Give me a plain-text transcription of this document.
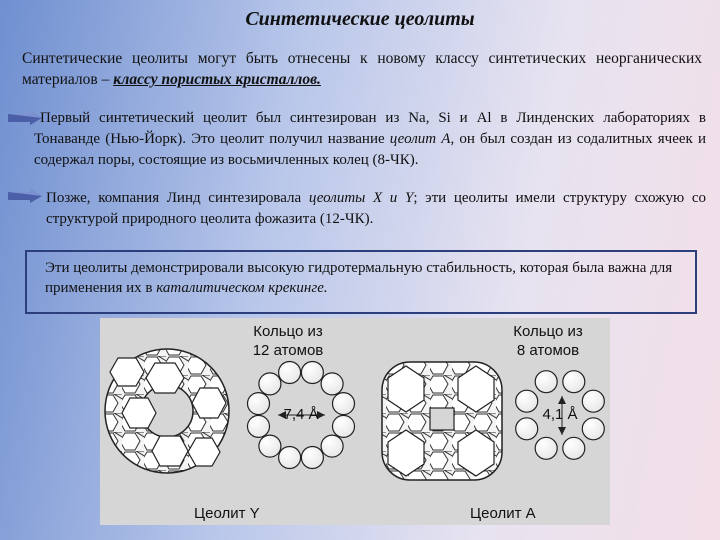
Синтетические цеолиты
Синтетические цеолиты могут быть отнесены к новому классу синтетических неорганических материалов – классу пористых кристаллов.
Первый синтетический цеолит был синтезирован из Na, Si и Al в Линденских лабораториях в Тонаванде (Нью-Йорк). Это цеолит получил название цеолит А, он был создан из содалитных ячеек и содержал поры, состоящие из восьмичленных колец (8-ЧК).
Позже, компания Линд синтезировала цеолиты X и Y; эти цеолиты имели структуру схожую со структурой природного цеолита фожазита (12-ЧК).
Эти цеолиты демонстрировали высокую гидротермальную стабильность, которая была важна для применения их в каталитическом крекинге.
Кольцо из
12 атомов
7,4 Å
Кольцо из
8 атомов
4,1 Å
Цеолит Y	Цеолит А
